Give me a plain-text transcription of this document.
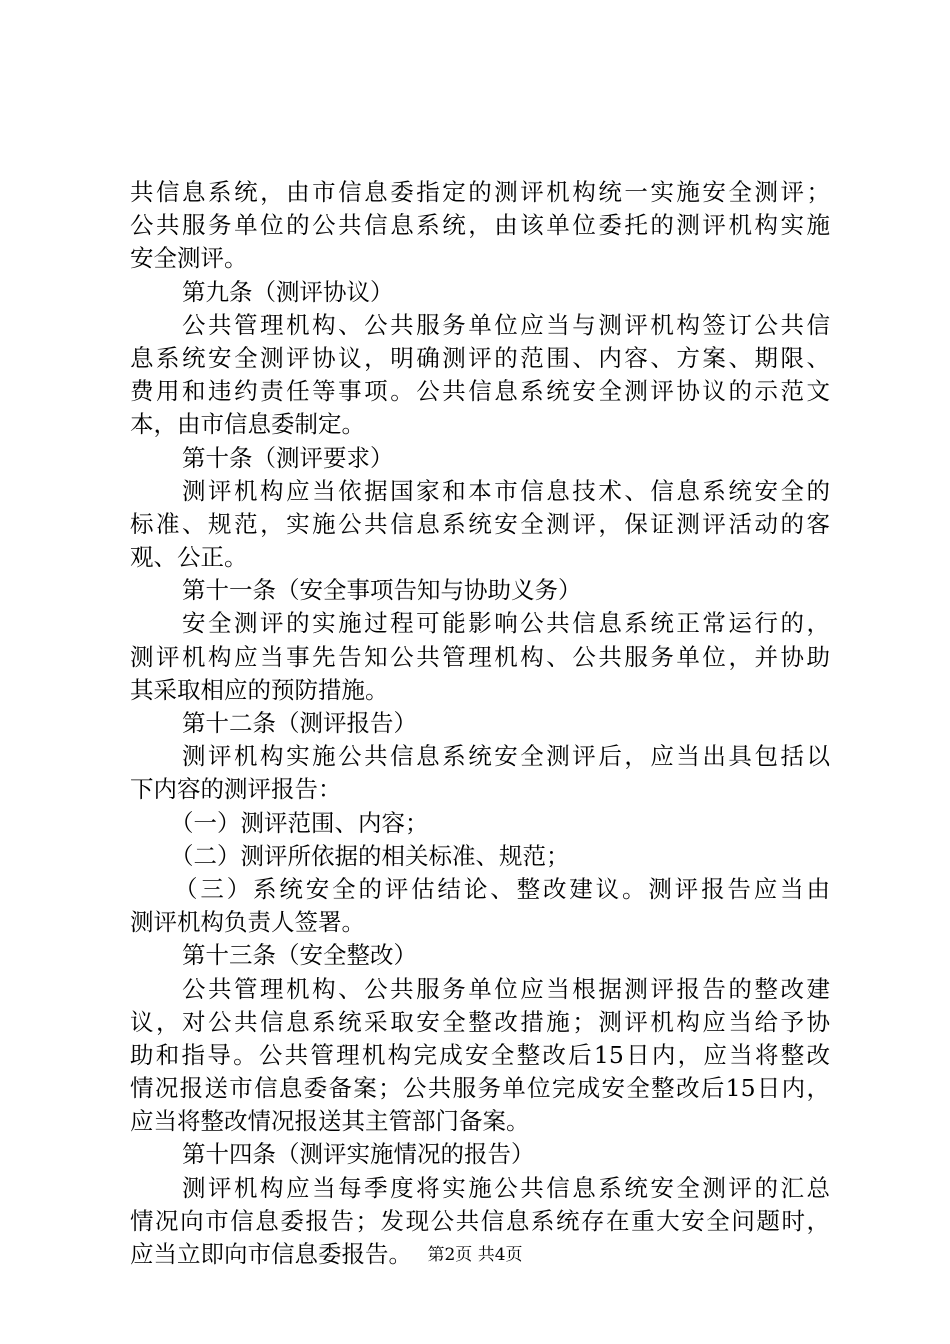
共信息系统，由市信息委指定的测评机构统一实施安全测评；
公共服务单位的公共信息系统，由该单位委托的测评机构实施
安全测评。
第九条（测评协议）
公共管理机构、公共服务单位应当与测评机构签订公共信
息系统安全测评协议，明确测评的范围、内容、方案、期限、
费用和违约责任等事项。公共信息系统安全测评协议的示范文
本，由市信息委制定。
第十条（测评要求）
测评机构应当依据国家和本市信息技术、信息系统安全的
标准、规范，实施公共信息系统安全测评，保证测评活动的客
观、公正。
第十一条（安全事项告知与协助义务）
安全测评的实施过程可能影响公共信息系统正常运行的，
测评机构应当事先告知公共管理机构、公共服务单位，并协助
其采取相应的预防措施。
第十二条（测评报告）
测评机构实施公共信息系统安全测评后，应当出具包括以
下内容的测评报告：
（一）测评范围、内容；
（二）测评所依据的相关标准、规范；
（三）系统安全的评估结论、整改建议。测评报告应当由
测评机构负责人签署。
第十三条（安全整改）
公共管理机构、公共服务单位应当根据测评报告的整改建
议，对公共信息系统采取安全整改措施；测评机构应当给予协
助和指导。公共管理机构完成安全整改后15日内，应当将整改
情况报送市信息委备案；公共服务单位完成安全整改后15日内，
应当将整改情况报送其主管部门备案。
第十四条（测评实施情况的报告）
测评机构应当每季度将实施公共信息系统安全测评的汇总
情况向市信息委报告；发现公共信息系统存在重大安全问题时，
应当立即向市信息委报告。 第2页 共4页
